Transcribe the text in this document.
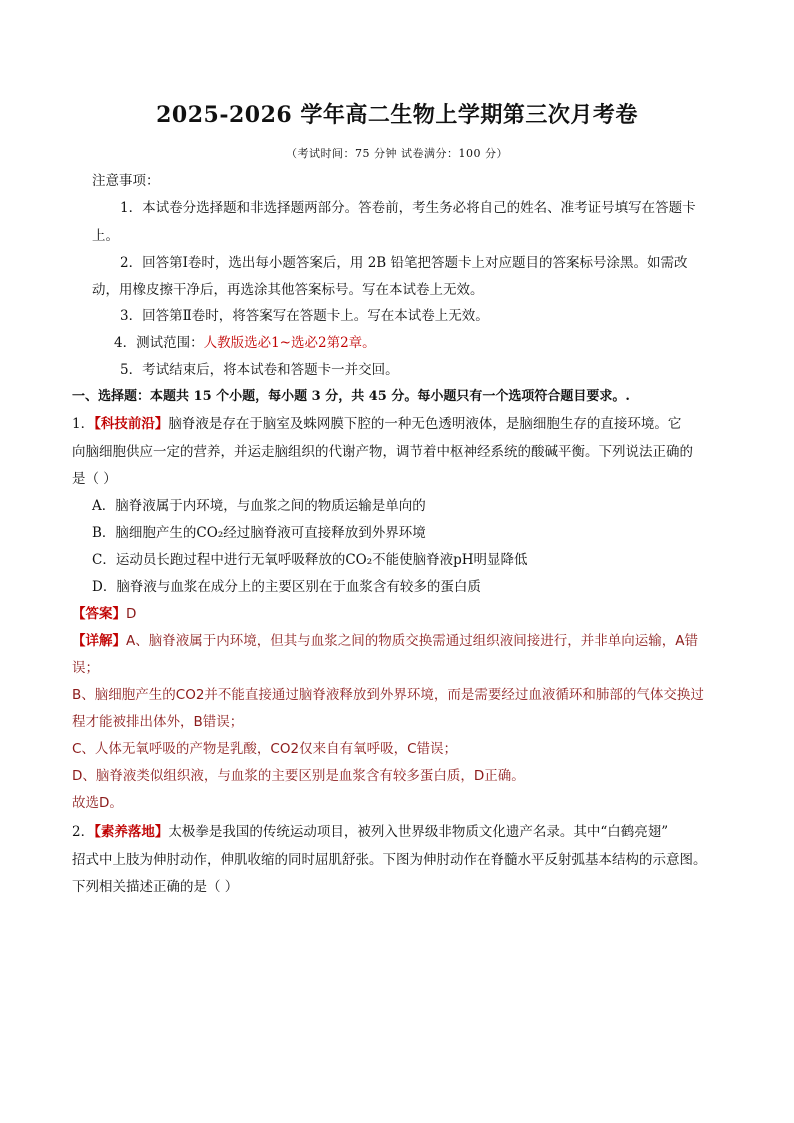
2025-2026 学年高二生物上学期第三次月考卷
（考试时间：75 分钟 试卷满分：100 分）
注意事项：
1．本试卷分选择题和非选择题两部分。答卷前，考生务必将自己的姓名、准考证号填写在答题卡
上。
2．回答第Ⅰ卷时，选出每小题答案后，用 2B 铅笔把答题卡上对应题目的答案标号涂黑。如需改
动，用橡皮擦干净后，再选涂其他答案标号。写在本试卷上无效。
3．回答第Ⅱ卷时，将答案写在答题卡上。写在本试卷上无效。
4．测试范围：人教版选必1~选必2第2章。
5．考试结束后，将本试卷和答题卡一并交回。
一、选择题：本题共 15 个小题，每小题 3 分，共 45 分。每小题只有一个选项符合题目要求。.
1．【科技前沿】脑脊液是存在于脑室及蛛网膜下腔的一种无色透明液体，是脑细胞生存的直接环境。它
向脑细胞供应一定的营养，并运走脑组织的代谢产物，调节着中枢神经系统的酸碱平衡。下列说法正确的
是（ ）
A．脑脊液属于内环境，与血浆之间的物质运输是单向的
B．脑细胞产生的CO₂经过脑脊液可直接释放到外界环境
C．运动员长跑过程中进行无氧呼吸释放的CO₂不能使脑脊液pH明显降低
D．脑脊液与血浆在成分上的主要区别在于血浆含有较多的蛋白质
【答案】D
【详解】A、脑脊液属于内环境，但其与血浆之间的物质交换需通过组织液间接进行，并非单向运输，A错
误；
B、脑细胞产生的CO2并不能直接通过脑脊液释放到外界环境，而是需要经过血液循环和肺部的气体交换过
程才能被排出体外，B错误；
C、人体无氧呼吸的产物是乳酸，CO2仅来自有氧呼吸，C错误；
D、脑脊液类似组织液，与血浆的主要区别是血浆含有较多蛋白质，D正确。
故选D。
2．【素养落地】太极拳是我国的传统运动项目，被列入世界级非物质文化遗产名录。其中“白鹤亮翅”
招式中上肢为伸肘动作，伸肌收缩的同时屈肌舒张。下图为伸肘动作在脊髓水平反射弧基本结构的示意图。
下列相关描述正确的是（ ）
